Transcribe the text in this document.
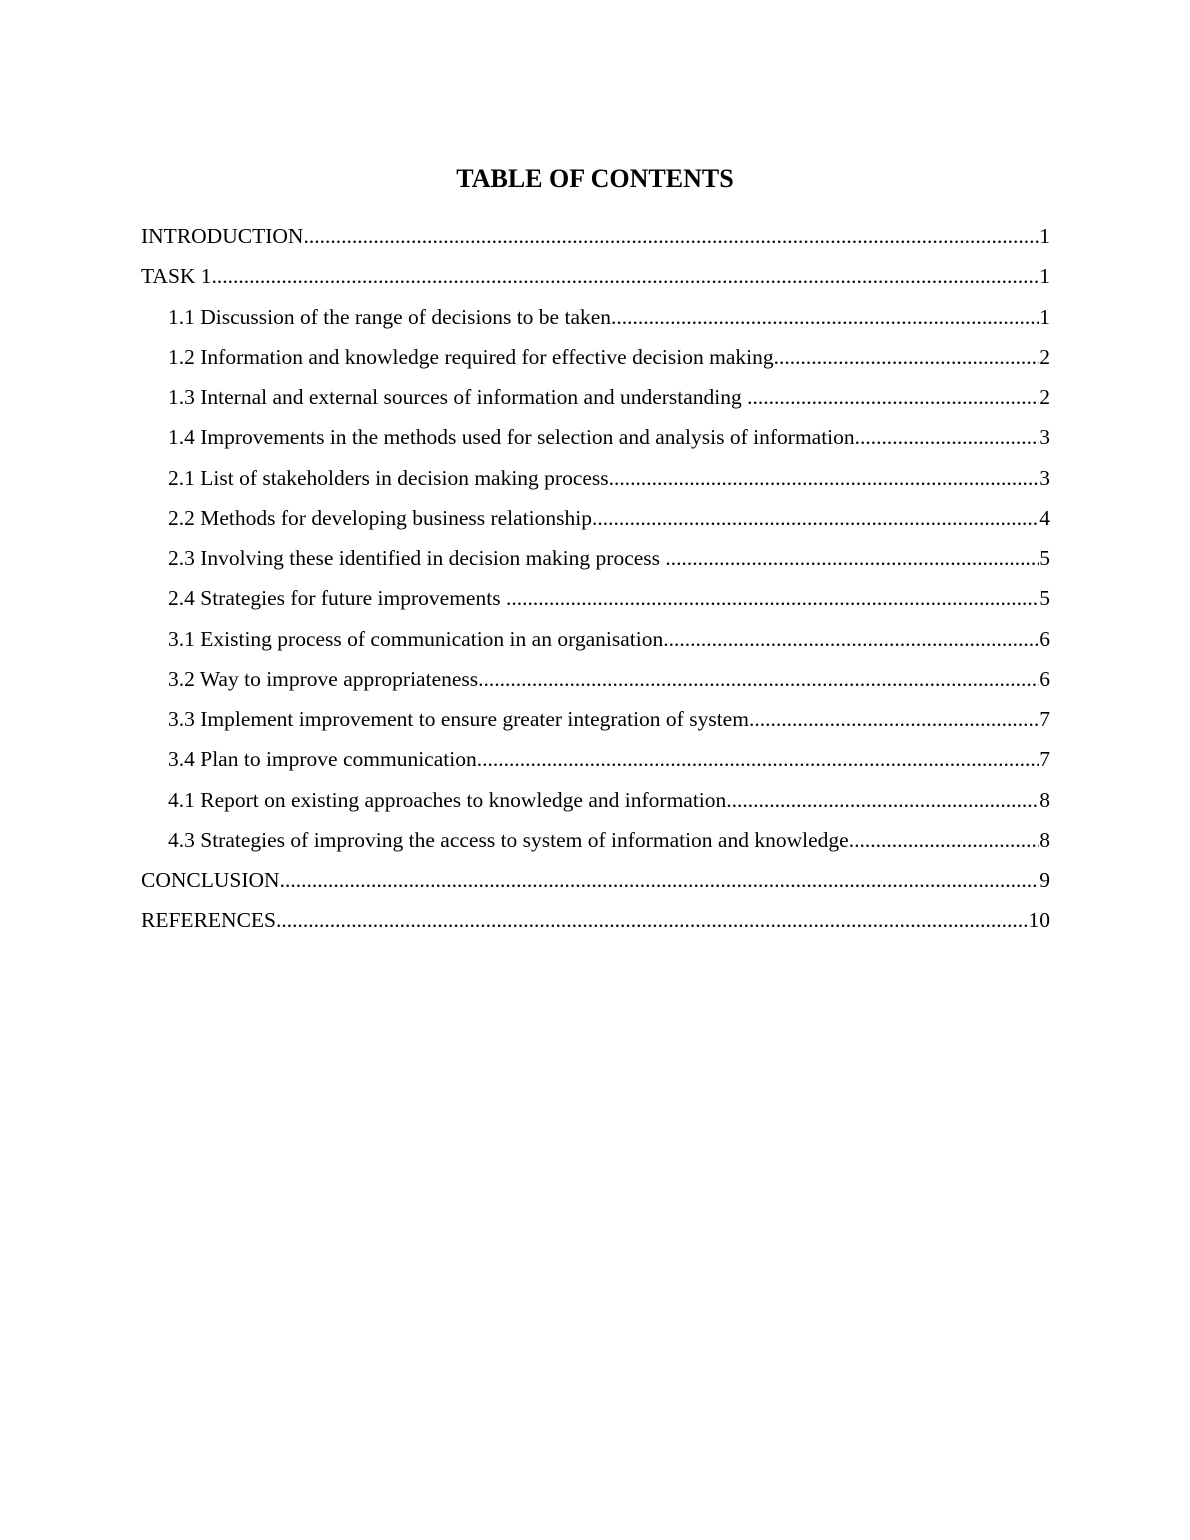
TABLE OF CONTENTS
INTRODUCTION .....	1
TASK 1 .....	1
1.1 Discussion of the range of decisions to be taken .....	1
1.2 Information and knowledge required for effective decision making .....	2
1.3 Internal and external sources of information and understanding .....	2
1.4 Improvements in the methods used for selection and analysis of information .....	3
2.1 List of stakeholders in decision making process .....	3
2.2 Methods for developing business relationship .....	4
2.3 Involving these identified in decision making process .....	5
2.4 Strategies for future improvements .....	5
3.1 Existing process of communication in an organisation .....	6
3.2 Way to improve appropriateness .....	6
3.3 Implement improvement to ensure greater integration of system .....	7
3.4 Plan to improve communication .....	7
4.1 Report on existing approaches to knowledge and information .....	8
4.3 Strategies of improving the access to system of information and knowledge .....	8
CONCLUSION .....	9
REFERENCES .....	10
